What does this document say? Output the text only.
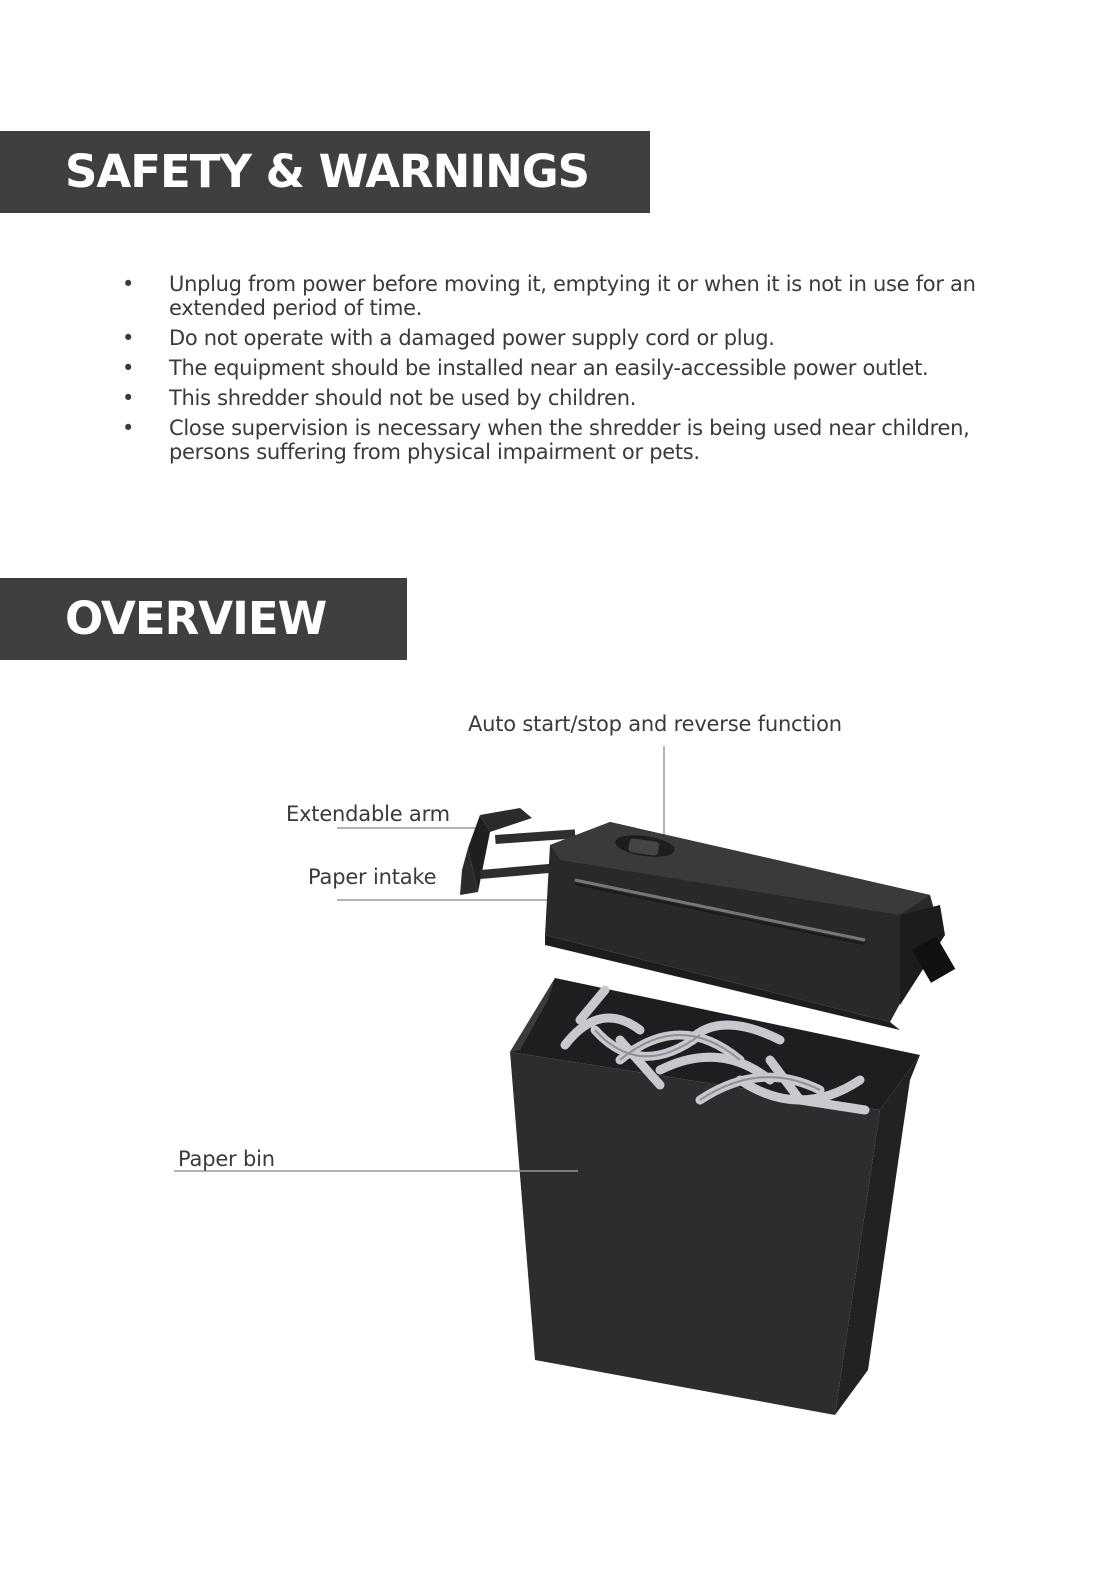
SAFETY & WARNINGS
• Unplug from power before moving it, emptying it or when it is not in use for an extended period of time.
• Do not operate with a damaged power supply cord or plug.
• The equipment should be installed near an easily-accessible power outlet.
• This shredder should not be used by children.
• Close supervision is necessary when the shredder is being used near children, persons suffering from physical impairment or pets.
OVERVIEW
Auto start/stop and reverse function
Extendable arm
Paper intake
Paper bin
